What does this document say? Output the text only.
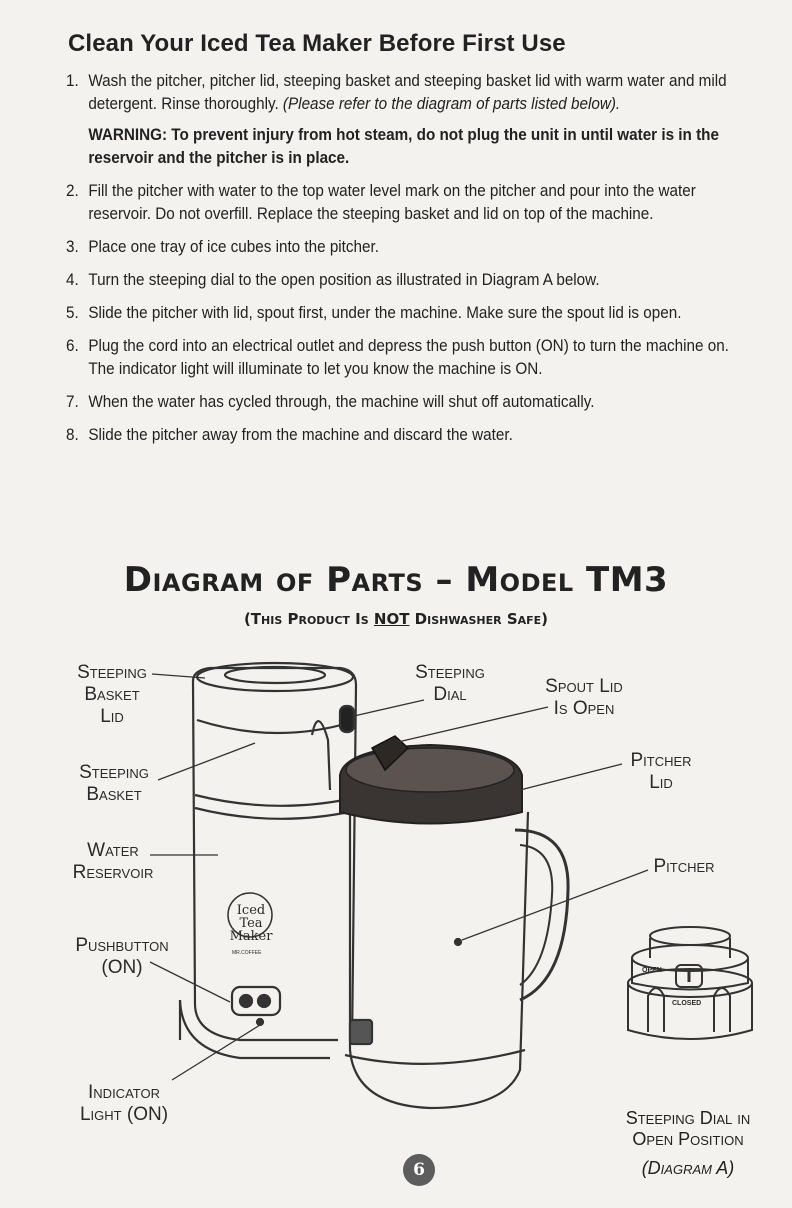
Clean Your Iced Tea Maker Before First Use
1. Wash the pitcher, pitcher lid, steeping basket and steeping basket lid with warm water and mild detergent. Rinse thoroughly. (Please refer to the diagram of parts listed below).
WARNING: To prevent injury from hot steam, do not plug the unit in until water is in the reservoir and the pitcher is in place.
2. Fill the pitcher with water to the top water level mark on the pitcher and pour into the water reservoir. Do not overfill. Replace the steeping basket and lid on top of the machine.
3. Place one tray of ice cubes into the pitcher.
4. Turn the steeping dial to the open position as illustrated in Diagram A below.
5. Slide the pitcher with lid, spout first, under the machine. Make sure the spout lid is open.
6. Plug the cord into an electrical outlet and depress the push button (ON) to turn the machine on. The indicator light will illuminate to let you know the machine is ON.
7. When the water has cycled through, the machine will shut off automatically.
8. Slide the pitcher away from the machine and discard the water.
Diagram of Parts – Model TM3
(This Product Is NOT Dishwasher Safe)
Iced Tea Maker
MR.COFFEE
OPEN
CLOSED
Steeping
Basket
Lid
Steeping
Basket
Water
Reservoir
Pushbutton
(ON)
Indicator
Light (ON)
Steeping
Dial	Spout Lid
Is Open
Pitcher
Lid
Pitcher
Steeping Dial in Open Position
(Diagram A)
6
